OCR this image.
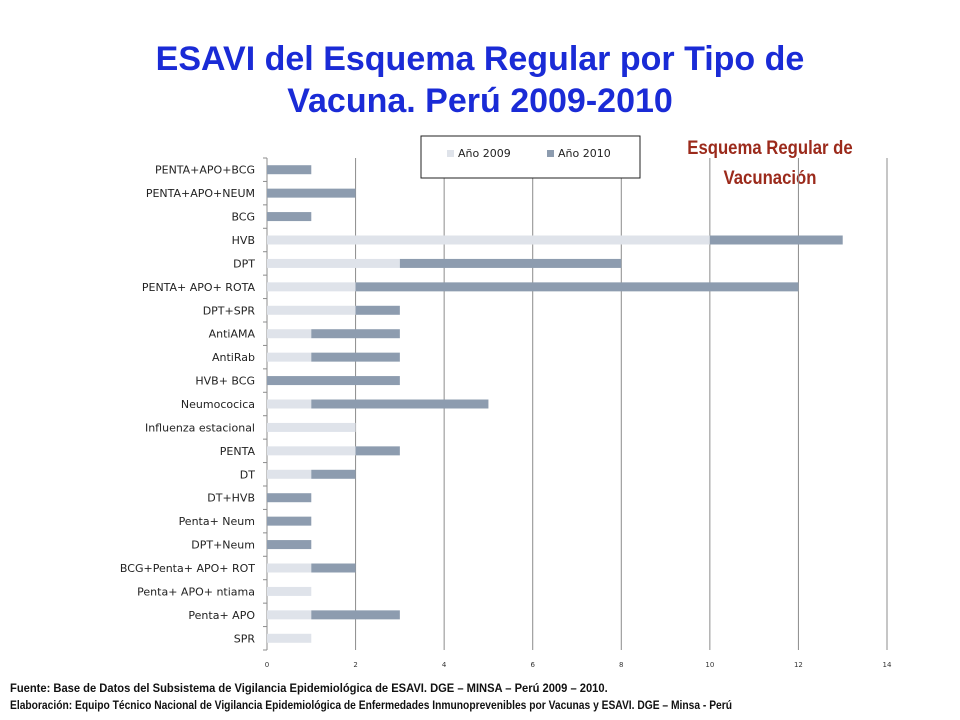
ESAVI del Esquema Regular por Tipo de
Vacuna. Perú 2009-2010
Esquema Regular de
Vacunación
0	2	4	6	8	10	12	14
PENTA+APO+BCG
PENTA+APO+NEUM
BCG
HVB
DPT
PENTA+ APO+ ROTA
DPT+SPR
AntiAMA
AntiRab
HVB+ BCG
Neumococica
Influenza estacional
PENTA
DT
DT+HVB
Penta+ Neum
DPT+Neum
BCG+Penta+ APO+ ROT
Penta+ APO+ ntiama
Penta+ APO
SPR
Año 2009	Año 2010
Fuente: Base de Datos del Subsistema de Vigilancia Epidemiológica de ESAVI. DGE – MINSA – Perú 2009 – 2010.
Elaboración: Equipo Técnico Nacional de Vigilancia Epidemiológica de Enfermedades Inmunoprevenibles por Vacunas y ESAVI. DGE – Minsa - Perú
